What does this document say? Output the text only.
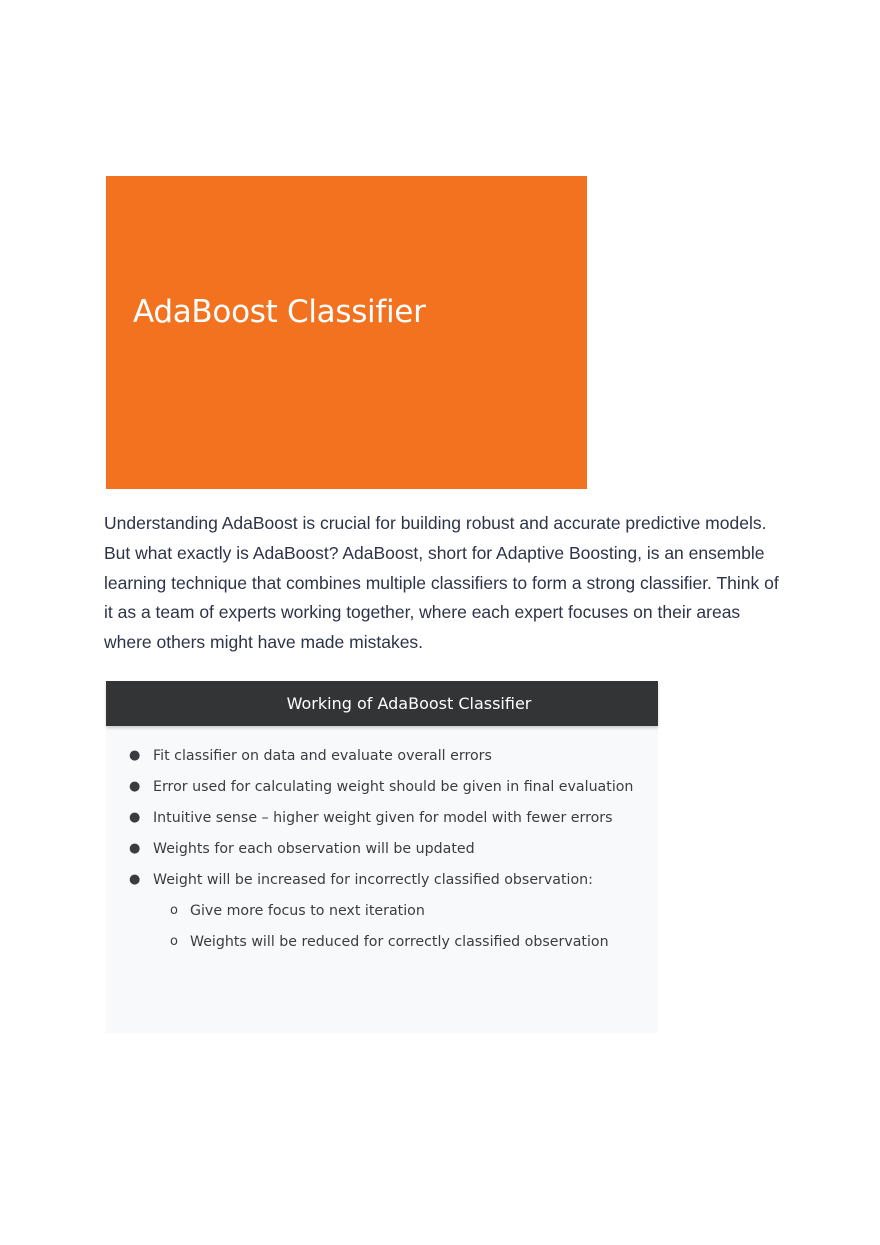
AdaBoost Classifier

Understanding AdaBoost is crucial for building robust and accurate predictive models. But what exactly is AdaBoost? AdaBoost, short for Adaptive Boosting, is an ensemble learning technique that combines multiple classifiers to form a strong classifier. Think of it as a team of experts working together, where each expert focuses on their areas where others might have made mistakes.

Working of AdaBoost Classifier
● Fit classifier on data and evaluate overall errors
● Error used for calculating weight should be given in final evaluation
● Intuitive sense – higher weight given for model with fewer errors
● Weights for each observation will be updated
● Weight will be increased for incorrectly classified observation:
o Give more focus to next iteration
o Weights will be reduced for correctly classified observation
